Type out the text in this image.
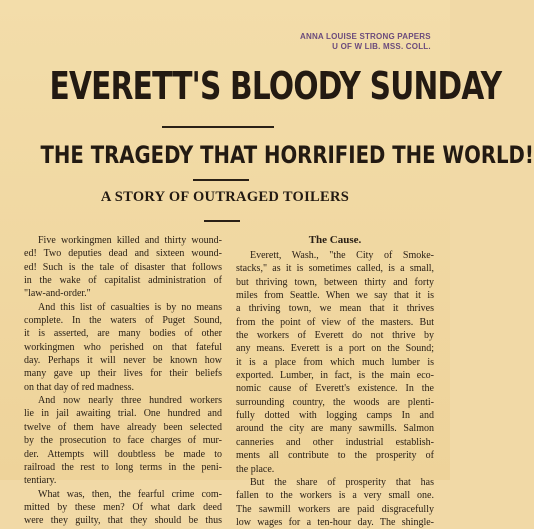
ANNA LOUISE STRONG PAPERS
U OF W LIB. MSS. COLL.
EVERETT'S BLOODY SUNDAY
THE TRAGEDY THAT HORRIFIED THE WORLD!
A STORY OF OUTRAGED TOILERS
Five workingmen killed and thirty wound-
ed! Two deputies dead and sixteen wound-
ed! Such is the tale of disaster that follows
in the wake of capitalist administration of
"law-and-order."
And this list of casualties is by no means
complete. In the waters of Puget Sound,
it is asserted, are many bodies of other
workingmen who perished on that fateful
day. Perhaps it will never be known how
many gave up their lives for their beliefs
on that day of red madness.
And now nearly three hundred workers
lie in jail awaiting trial. One hundred and
twelve of them have already been selected
by the prosecution to face charges of mur-
der. Attempts will doubtless be made to
railroad the rest to long terms in the peni-
tentiary.
What was, then, the fearful crime com-
mitted by these men? Of what dark deed
were they guilty, that they should be thus
The Cause.
Everett, Wash., "the City of Smoke-
stacks," as it is sometimes called, is a small,
but thriving town, between thirty and forty
miles from Seattle. When we say that it is
a thriving town, we mean that it thrives
from the point of view of the masters. But
the workers of Everett do not thrive by
any means. Everett is a port on the Sound;
it is a place from which much lumber is
exported. Lumber, in fact, is the main eco-
nomic cause of Everett's existence. In the
surrounding country, the woods are plenti-
fully dotted with logging camps In and
around the city are many sawmills. Salmon
canneries and other industrial establish-
ments all contribute to the prosperity of
the place.
But the share of prosperity that has
fallen to the workers is a very small one.
The sawmill workers are paid disgracefully
low wages for a ten-hour day. The shingle-
